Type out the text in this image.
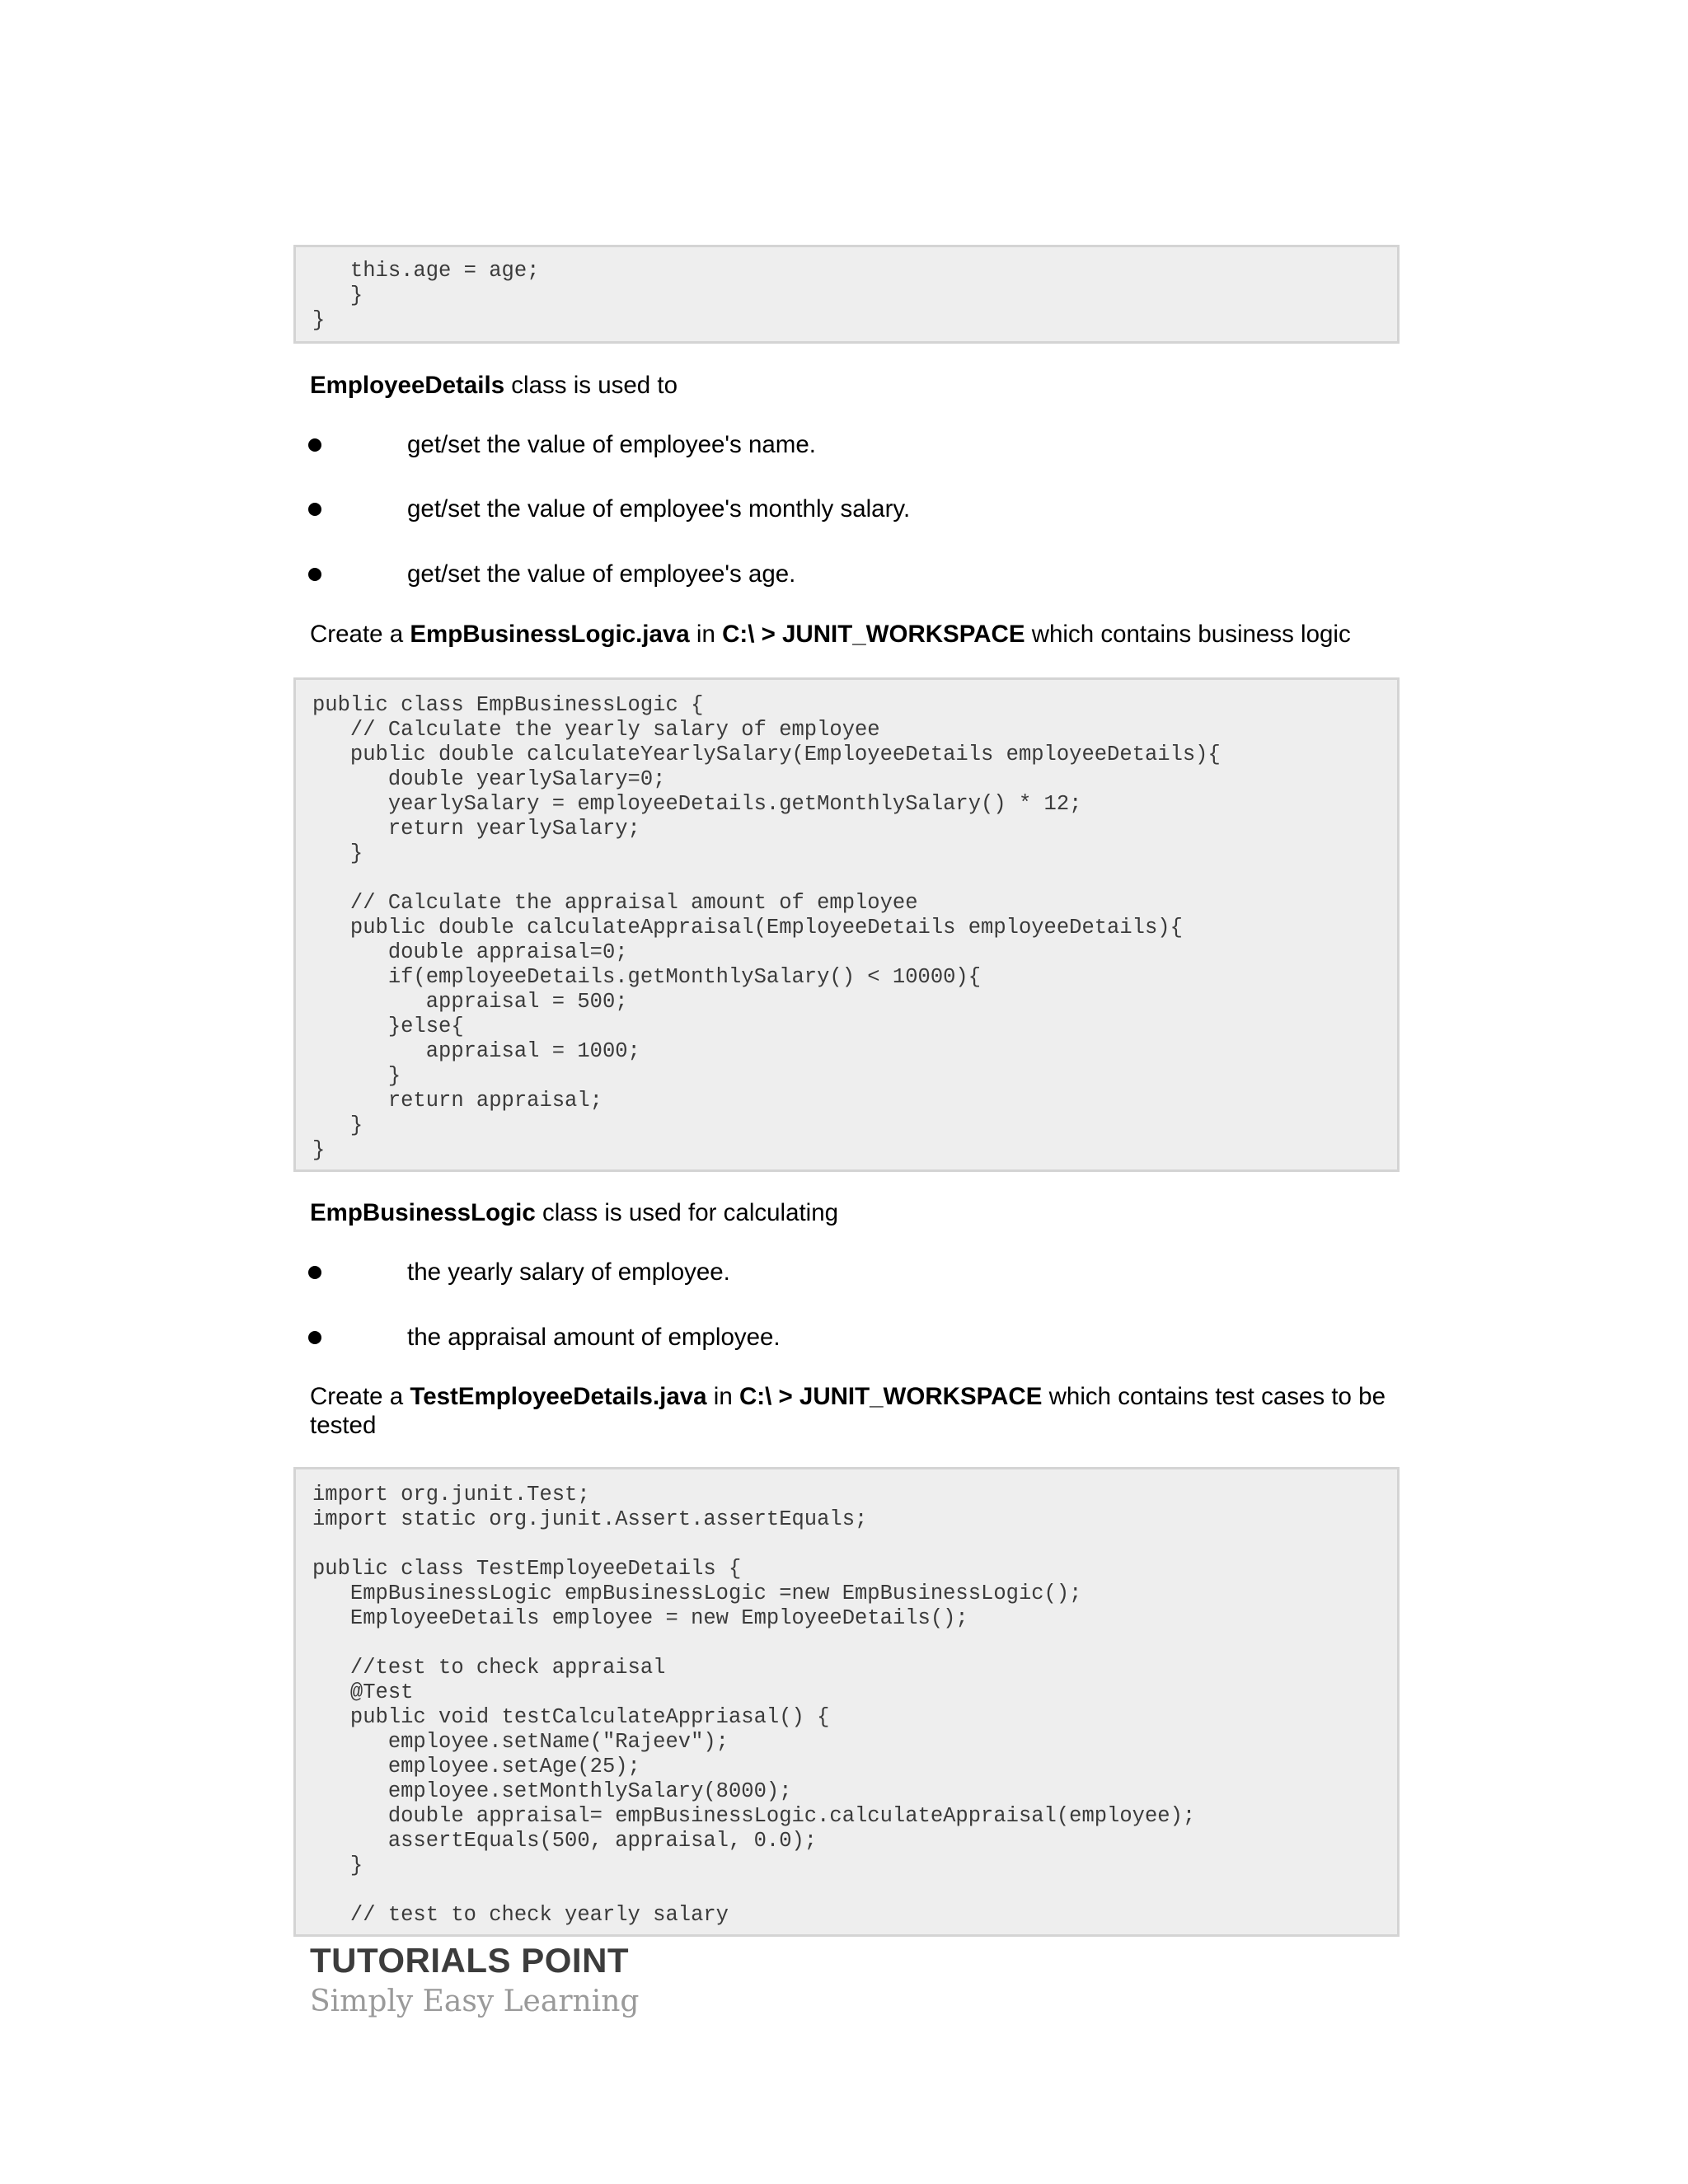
this.age = age;
}
}
EmployeeDetails class is used to
get/set the value of employee's name.
get/set the value of employee's monthly salary.
get/set the value of employee's age.
Create a EmpBusinessLogic.java in C:\ > JUNIT_WORKSPACE which contains business logic
public class EmpBusinessLogic {
// Calculate the yearly salary of employee
public double calculateYearlySalary(EmployeeDetails employeeDetails){
double yearlySalary=0;
yearlySalary = employeeDetails.getMonthlySalary() * 12;
return yearlySalary;
}
// Calculate the appraisal amount of employee
public double calculateAppraisal(EmployeeDetails employeeDetails){
double appraisal=0;
if(employeeDetails.getMonthlySalary() < 10000){
appraisal = 500;
}else{
appraisal = 1000;
}
return appraisal;
}
}
EmpBusinessLogic class is used for calculating
the yearly salary of employee.
the appraisal amount of employee.
Create a TestEmployeeDetails.java in C:\ > JUNIT_WORKSPACE which contains test cases to be tested
import org.junit.Test;
import static org.junit.Assert.assertEquals;
public class TestEmployeeDetails {
EmpBusinessLogic empBusinessLogic =new EmpBusinessLogic();
EmployeeDetails employee = new EmployeeDetails();
//test to check appraisal
@Test
public void testCalculateAppriasal() {
employee.setName("Rajeev");
employee.setAge(25);
employee.setMonthlySalary(8000);
double appraisal= empBusinessLogic.calculateAppraisal(employee);
assertEquals(500, appraisal, 0.0);
}
// test to check yearly salary
TUTORIALS POINT
Simply Easy Learning
